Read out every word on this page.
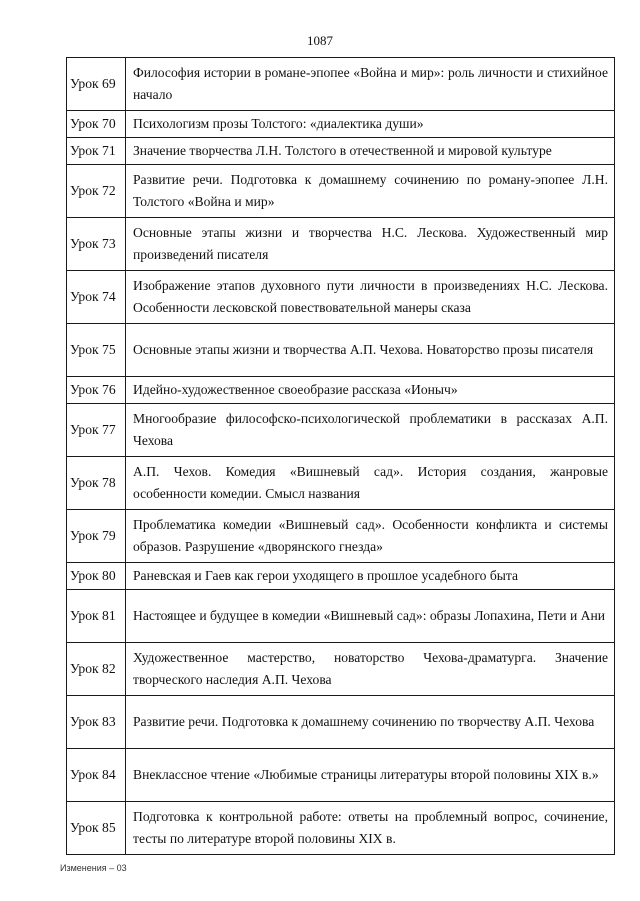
1087
Урок 69	Философия истории в романе-эпопее «Война и мир»: роль личности и стихийное начало
Урок 70	Психологизм прозы Толстого: «диалектика души»
Урок 71	Значение творчества Л.Н. Толстого в отечественной и мировой культуре
Урок 72	Развитие речи. Подготовка к домашнему сочинению по роману-эпопее Л.Н. Толстого «Война и мир»
Урок 73	Основные этапы жизни и творчества Н.С. Лескова. Художественный мир произведений писателя
Урок 74	Изображение этапов духовного пути личности в произведениях Н.С. Лескова. Особенности лесковской повествовательной манеры сказа
Урок 75	Основные этапы жизни и творчества А.П. Чехова. Новаторство прозы писателя
Урок 76	Идейно-художественное своеобразие рассказа «Ионыч»
Урок 77	Многообразие философско-психологической проблематики в рассказах А.П. Чехова
Урок 78	А.П. Чехов. Комедия «Вишневый сад». История создания, жанровые особенности комедии. Смысл названия
Урок 79	Проблематика комедии «Вишневый сад». Особенности конфликта и системы образов. Разрушение «дворянского гнезда»
Урок 80	Раневская и Гаев как герои уходящего в прошлое усадебного быта
Урок 81	Настоящее и будущее в комедии «Вишневый сад»: образы Лопахина, Пети и Ани
Урок 82	Художественное мастерство, новаторство Чехова-драматурга. Значение творческого наследия А.П. Чехова
Урок 83	Развитие речи. Подготовка к домашнему сочинению по творчеству А.П. Чехова
Урок 84	Внеклассное чтение «Любимые страницы литературы второй половины XIX в.»
Урок 85	Подготовка к контрольной работе: ответы на проблемный вопрос, сочинение, тесты по литературе второй половины XIX в.
Изменения – 03
